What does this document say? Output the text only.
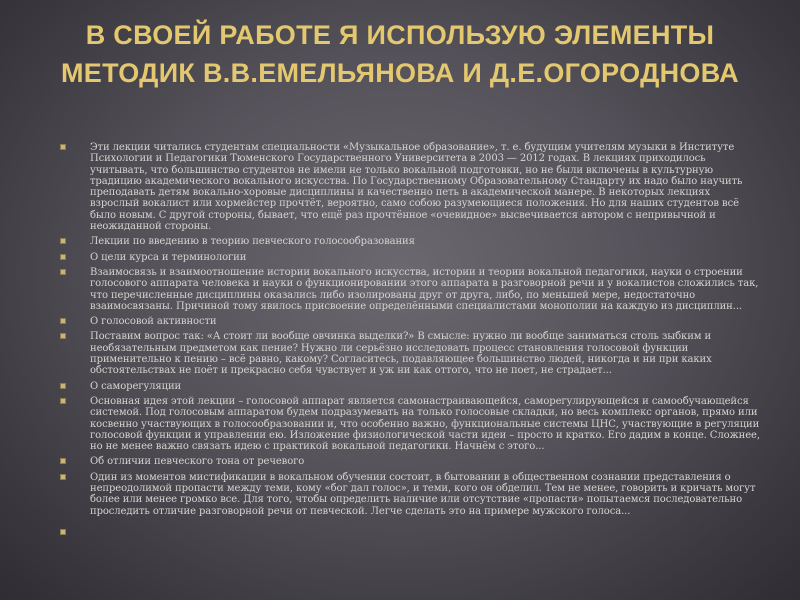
В СВОЕЙ РАБОТЕ Я ИСПОЛЬЗУЮ ЭЛЕМЕНТЫ МЕТОДИК В.В.ЕМЕЛЬЯНОВА И Д.Е.ОГОРОДНОВА
Эти лекции читались студентам специальности «Музыкальное образование», т. е. будущим учителям музыки в Институте Психологии и Педагогики Тюменского Государственного Университета в 2003 — 2012 годах. В лекциях приходилось учитывать, что большинство студентов не имели не только вокальной подготовки, но не были включены в культурную традицию академического вокального искусства. По Государственному Образовательному Стандарту их надо было научить преподавать детям вокально-хоровые дисциплины и качественно петь в академической манере. В некоторых лекциях взрослый вокалист или хормейстер прочтёт, вероятно, само собою разумеющиеся положения. Но для наших студентов всё было новым. С другой стороны, бывает, что ещё раз прочтённое «очевидное» высвечивается автором с непривычной и неожиданной стороны.
Лекции по введению в теорию певческого голосообразования
О цели курса и терминологии
Взаимосвязь и взаимоотношение истории вокального искусства, истории и теории вокальной педагогики, науки о строении голосового аппарата человека и науки о функционировании этого аппарата в разговорной речи и у вокалистов сложились так, что перечисленные дисциплины оказались либо изолированы друг от друга, либо, по меньшей мере, недостаточно взаимосвязаны. Причиной тому явилось присвоение определёнными специалистами монополии на каждую из дисциплин...
О голосовой активности
Поставим вопрос так: «А стоит ли вообще овчинка выделки?» В смысле: нужно ли вообще заниматься столь зыбким и необязательным предметом как пение? Нужно ли серьёзно исследовать процесс становления голосовой функции применительно к пению – всё равно, какому? Согласитесь, подавляющее большинство людей, никогда и ни при каких обстоятельствах не поёт и прекрасно себя чувствует и уж ни как оттого, что не поет, не страдает...
О саморегуляции
Основная идея этой лекции – голосовой аппарат является самонастраивающейся, саморегулирующейся и самообучающейся системой. Под голосовым аппаратом будем подразумевать на только голосовые складки, но весь комплекс органов, прямо или косвенно участвующих в голосообразовании и, что особенно важно, функциональные системы ЦНС, участвующие в регуляции голосовой функции и управлении ею. Изложение физиологической части идеи – просто и кратко. Его дадим в конце. Сложнее, но не менее важно связать идею с практикой вокальной педагогики. Начнём с этого...
Об отличии певческого тона от речевого
Один из моментов мистификации в вокальном обучении состоит, в бытовании в общественном сознании представления о непреодолимой пропасти между теми, кому «бог дал голос», и теми, кого он обделил. Тем не менее, говорить и кричать могут более или менее громко все. Для того, чтобы определить наличие или отсутствие «пропасти» попытаемся последовательно проследить отличие разговорной речи от певческой. Легче сделать это на примере мужского голоса...
